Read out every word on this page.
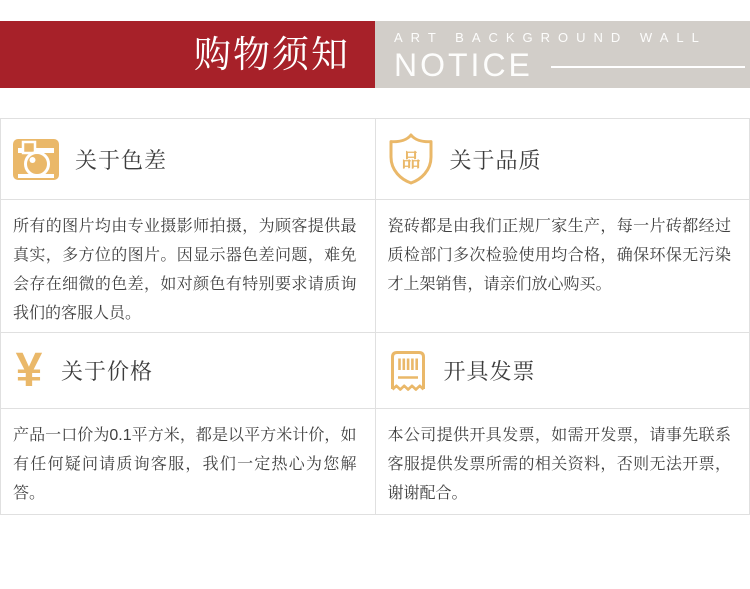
购物须知	ART BACKGROUND WALL
NOTICE
关于色差

所有的图片均由专业摄影师拍摄，为顾客提供最真实，多方位的图片。因显示器色差问题，难免会存在细微的色差，如对颜色有特别要求请质询我们的客服人员。

品 关于品质

瓷砖都是由我们正规厂家生产，每一片砖都经过质检部门多次检验使用均合格，确保环保无污染才上架销售，请亲们放心购买。

¥ 关于价格

产品一口价为0.1平方米，都是以平方米计价，如有任何疑问请质询客服，我们一定热心为您解答。

开具发票

本公司提供开具发票，如需开发票，请事先联系客服提供发票所需的相关资料，否则无法开票，谢谢配合。
